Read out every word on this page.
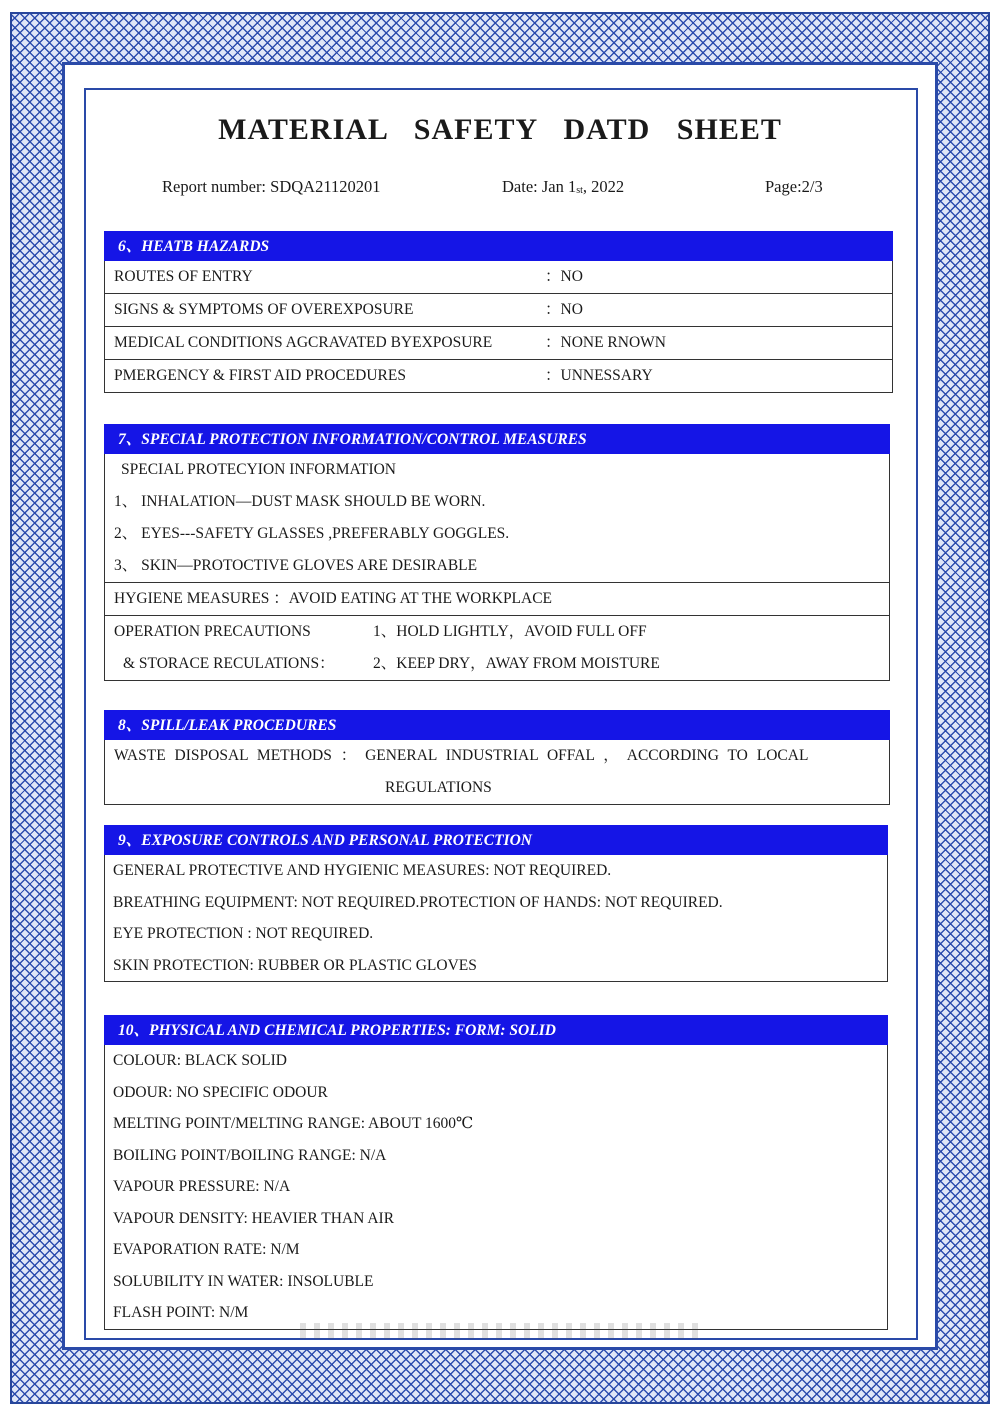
MATERIAL SAFETY DATD SHEET
Report number: SDQA21120201	Date: Jan $1_{st}$, 2022	Page:2/3
6、HEATB HAZARDS
ROUTES OF ENTRY	：NO
SIGNS & SYMPTOMS OF OVEREXPOSURE	：NO
MEDICAL CONDITIONS AGCRAVATED BYEXPOSURE	：NONE RNOWN
PMERGENCY & FIRST AID PROCEDURES	：UNNESSARY
7、SPECIAL PROTECTION INFORMATION/CONTROL MEASURES
SPECIAL PROTECYION INFORMATION
1、 INHALATION—DUST MASK SHOULD BE WORN.
2、 EYES---SAFETY GLASSES ,PREFERABLY GOGGLES.
3、 SKIN—PROTOCTIVE GLOVES ARE DESIRABLE
HYGIENE MEASURES ：AVOID EATING AT THE WORKPLACE
OPERATION PRECAUTIONS	1、HOLD LIGHTLY，AVOID FULL OFF
& STORACE RECULATIONS： 2、KEEP DRY，AWAY FROM MOISTURE
8、SPILL/LEAK PROCEDURES
WASTE DISPOSAL METHODS ： GENERAL INDUSTRIAL OFFAL ， ACCORDING TO LOCAL
REGULATIONS
9、EXPOSURE CONTROLS AND PERSONAL PROTECTION
GENERAL PROTECTIVE AND HYGIENIC MEASURES: NOT REQUIRED.
BREATHING EQUIPMENT: NOT REQUIRED.PROTECTION OF HANDS: NOT REQUIRED.
EYE PROTECTION : NOT REQUIRED.
SKIN PROTECTION: RUBBER OR PLASTIC GLOVES
10、PHYSICAL AND CHEMICAL PROPERTIES: FORM: SOLID
COLOUR: BLACK SOLID
ODOUR: NO SPECIFIC ODOUR
MELTING POINT/MELTING RANGE: ABOUT 1600℃
BOILING POINT/BOILING RANGE: N/A
VAPOUR PRESSURE: N/A
VAPOUR DENSITY: HEAVIER THAN AIR
EVAPORATION RATE: N/M
SOLUBILITY IN WATER: INSOLUBLE
FLASH POINT: N/M
